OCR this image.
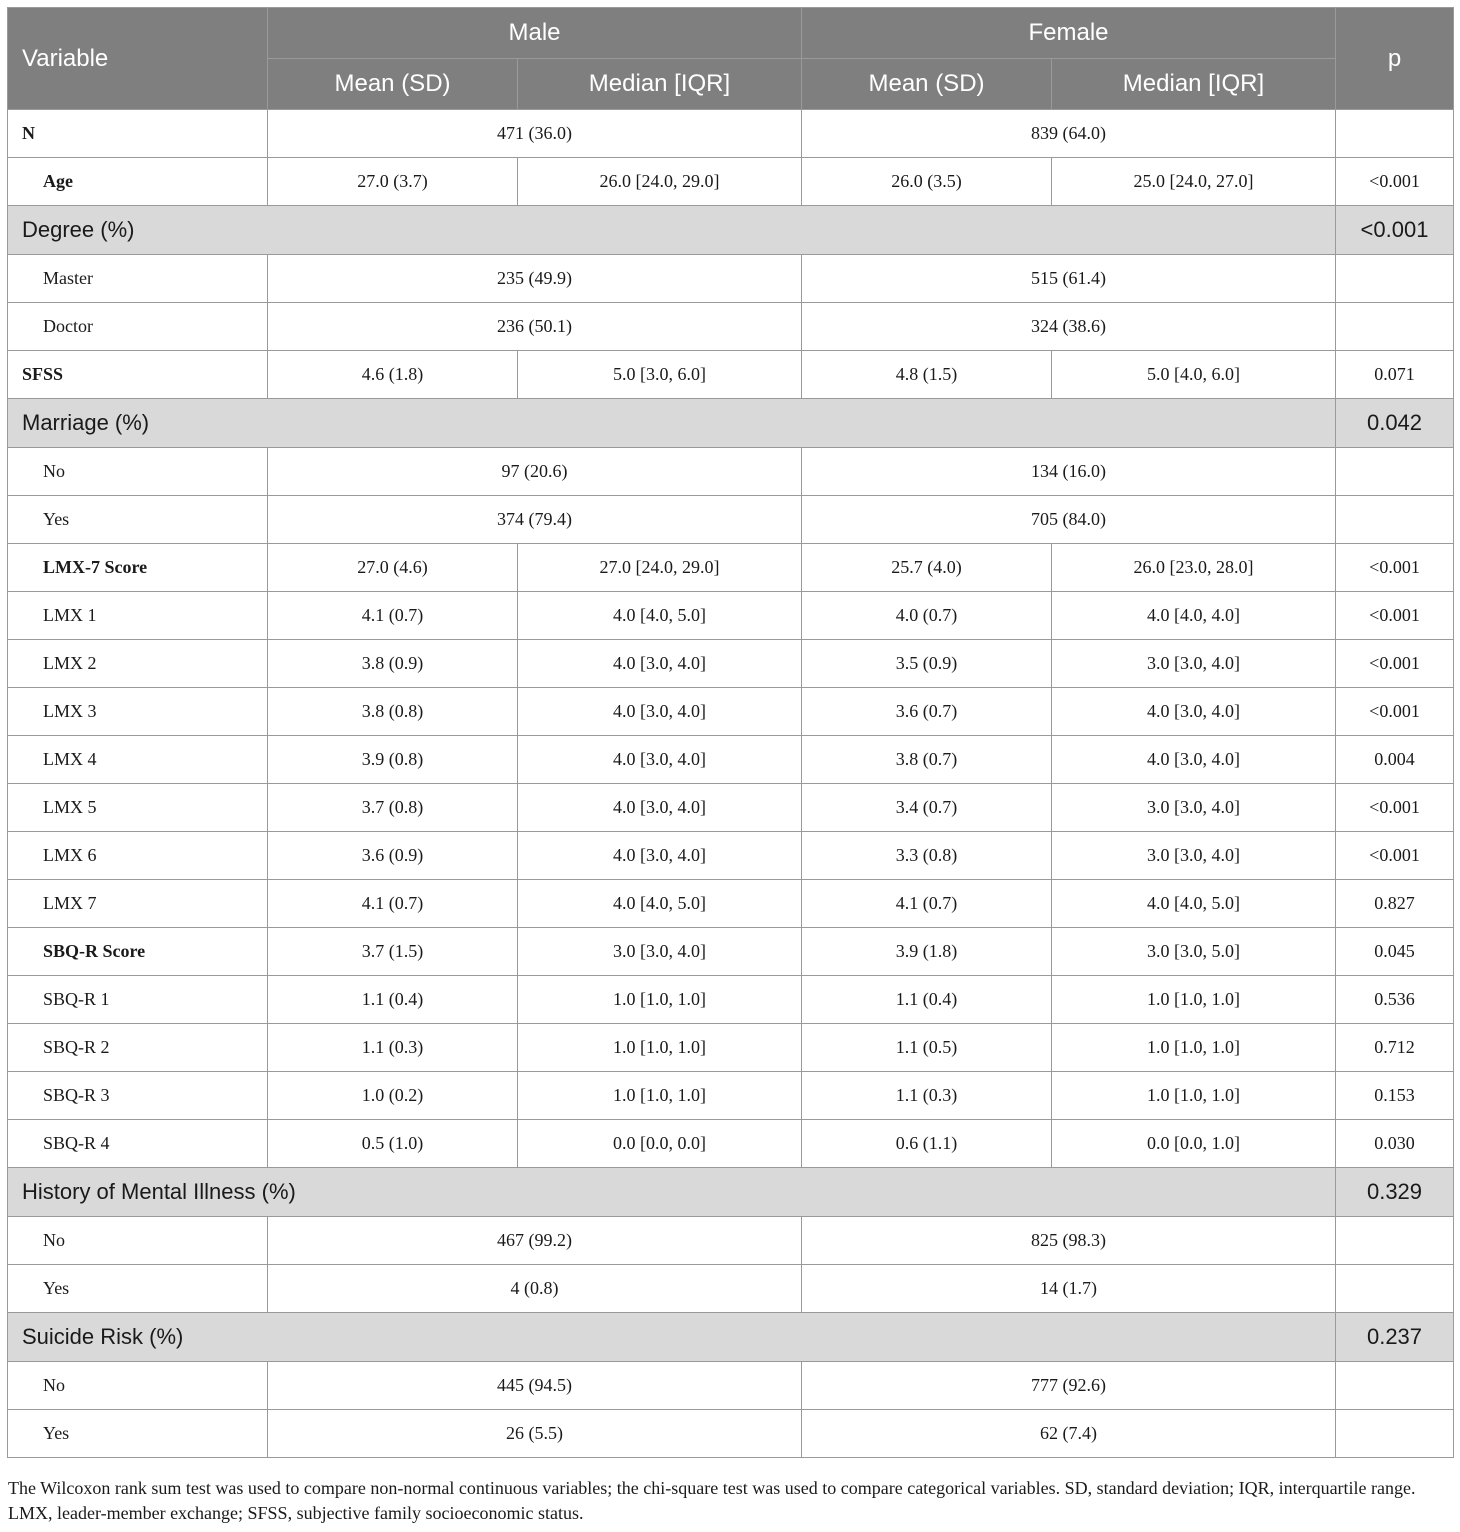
Variable	Male		Female		p
	Mean (SD)	Median [IQR]	Mean (SD)	Median [IQR]	
N	471 (36.0)		839 (64.0)		
Age	27.0 (3.7)	26.0 [24.0, 29.0]	26.0 (3.5)	25.0 [24.0, 27.0]	<0.001
Degree (%)					<0.001
Master	235 (49.9)		515 (61.4)		
Doctor	236 (50.1)		324 (38.6)		
SFSS	4.6 (1.8)	5.0 [3.0, 6.0]	4.8 (1.5)	5.0 [4.0, 6.0]	0.071
Marriage (%)					0.042
No	97 (20.6)		134 (16.0)		
Yes	374 (79.4)		705 (84.0)		
LMX-7 Score	27.0 (4.6)	27.0 [24.0, 29.0]	25.7 (4.0)	26.0 [23.0, 28.0]	<0.001
LMX 1	4.1 (0.7)	4.0 [4.0, 5.0]	4.0 (0.7)	4.0 [4.0, 4.0]	<0.001
LMX 2	3.8 (0.9)	4.0 [3.0, 4.0]	3.5 (0.9)	3.0 [3.0, 4.0]	<0.001
LMX 3	3.8 (0.8)	4.0 [3.0, 4.0]	3.6 (0.7)	4.0 [3.0, 4.0]	<0.001
LMX 4	3.9 (0.8)	4.0 [3.0, 4.0]	3.8 (0.7)	4.0 [3.0, 4.0]	0.004
LMX 5	3.7 (0.8)	4.0 [3.0, 4.0]	3.4 (0.7)	3.0 [3.0, 4.0]	<0.001
LMX 6	3.6 (0.9)	4.0 [3.0, 4.0]	3.3 (0.8)	3.0 [3.0, 4.0]	<0.001
LMX 7	4.1 (0.7)	4.0 [4.0, 5.0]	4.1 (0.7)	4.0 [4.0, 5.0]	0.827
SBQ-R Score	3.7 (1.5)	3.0 [3.0, 4.0]	3.9 (1.8)	3.0 [3.0, 5.0]	0.045
SBQ-R 1	1.1 (0.4)	1.0 [1.0, 1.0]	1.1 (0.4)	1.0 [1.0, 1.0]	0.536
SBQ-R 2	1.1 (0.3)	1.0 [1.0, 1.0]	1.1 (0.5)	1.0 [1.0, 1.0]	0.712
SBQ-R 3	1.0 (0.2)	1.0 [1.0, 1.0]	1.1 (0.3)	1.0 [1.0, 1.0]	0.153
SBQ-R 4	0.5 (1.0)	0.0 [0.0, 0.0]	0.6 (1.1)	0.0 [0.0, 1.0]	0.030
History of Mental Illness (%)					0.329
No	467 (99.2)		825 (98.3)		
Yes	4 (0.8)		14 (1.7)		
Suicide Risk (%)					0.237
No	445 (94.5)		777 (92.6)		
Yes	26 (5.5)		62 (7.4)		
The Wilcoxon rank sum test was used to compare non-normal continuous variables; the chi-square test was used to compare categorical variables. SD, standard deviation; IQR, interquartile range. LMX, leader-member exchange; SFSS, subjective family socioeconomic status.
